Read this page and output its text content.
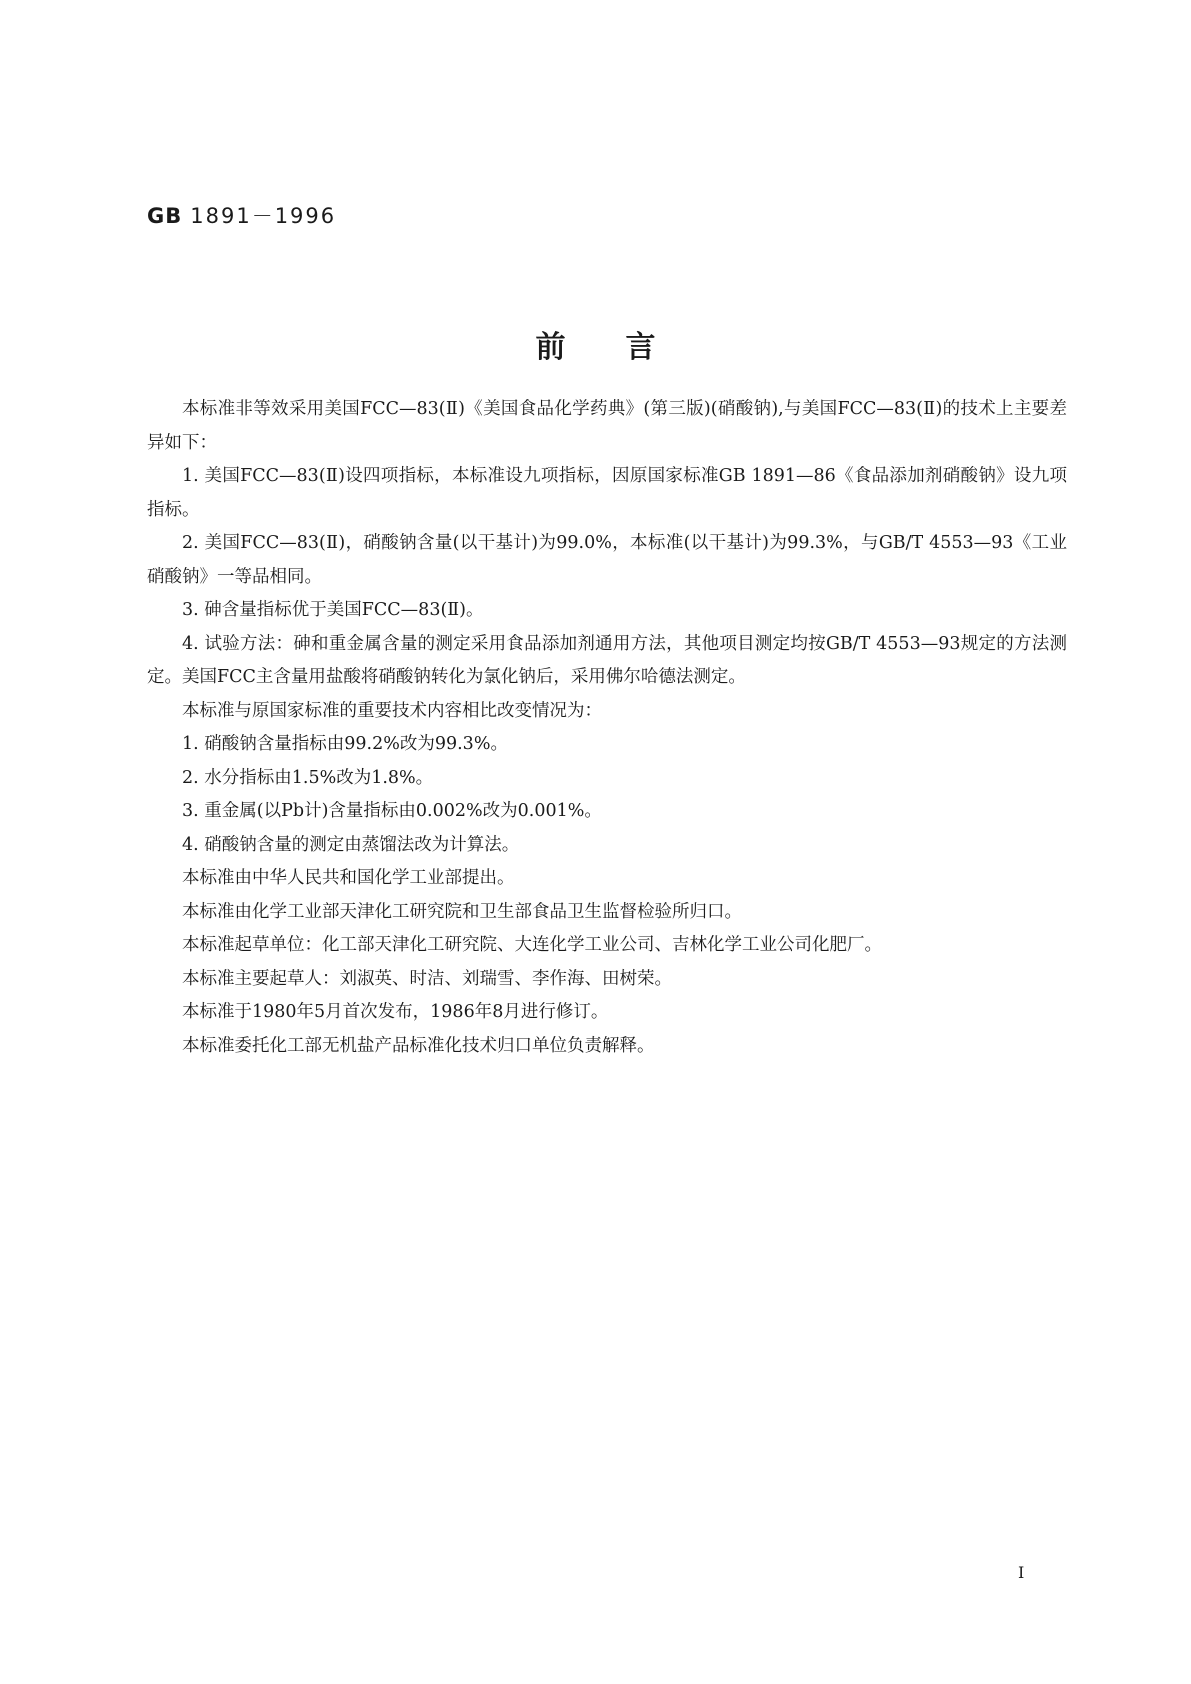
GB 1891－1996
前言

本标准非等效采用美国FCC—83(Ⅱ)《美国食品化学药典》(第三版)(硝酸钠),与美国FCC—83(Ⅱ)的技术上主要差异如下：

1. 美国FCC—83(Ⅱ)设四项指标，本标准设九项指标，因原国家标准GB 1891—86《食品添加剂硝酸钠》设九项指标。

2. 美国FCC—83(Ⅱ)，硝酸钠含量(以干基计)为99.0%，本标准(以干基计)为99.3%，与GB/T 4553—93《工业硝酸钠》一等品相同。

3. 砷含量指标优于美国FCC—83(Ⅱ)。

4. 试验方法：砷和重金属含量的测定采用食品添加剂通用方法，其他项目测定均按GB/T 4553—93规定的方法测定。美国FCC主含量用盐酸将硝酸钠转化为氯化钠后，采用佛尔哈德法测定。

本标准与原国家标准的重要技术内容相比改变情况为：

1. 硝酸钠含量指标由99.2%改为99.3%。

2. 水分指标由1.5%改为1.8%。

3. 重金属(以Pb计)含量指标由0.002%改为0.001%。

4. 硝酸钠含量的测定由蒸馏法改为计算法。

本标准由中华人民共和国化学工业部提出。

本标准由化学工业部天津化工研究院和卫生部食品卫生监督检验所归口。

本标准起草单位：化工部天津化工研究院、大连化学工业公司、吉林化学工业公司化肥厂。

本标准主要起草人：刘淑英、时洁、刘瑞雪、李作海、田树荣。

本标准于1980年5月首次发布，1986年8月进行修订。

本标准委托化工部无机盐产品标准化技术归口单位负责解释。

I
